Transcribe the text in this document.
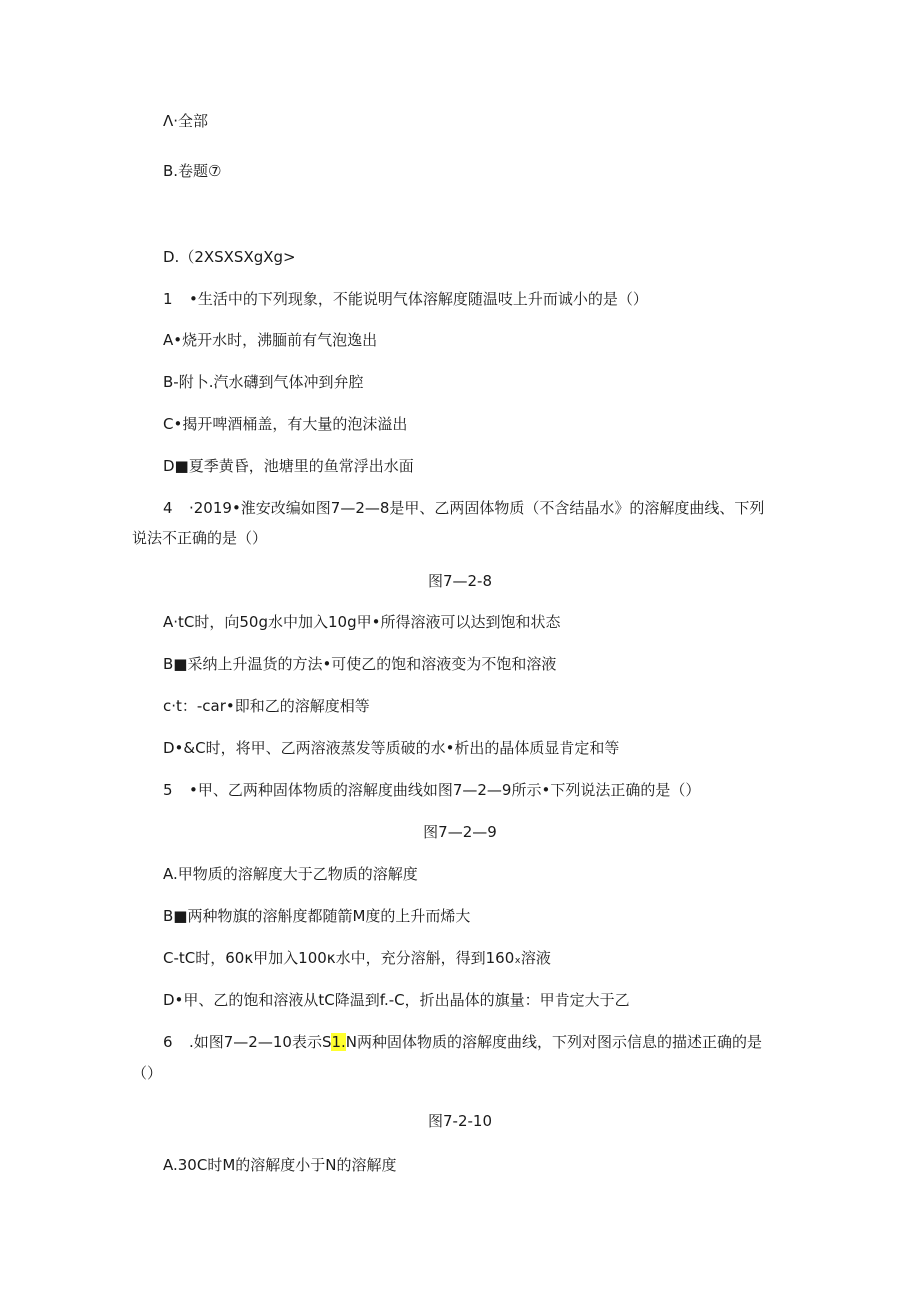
Λ·全部
B.卷题⑦
D.（2XSXSXgXg>
1 •生活中的下列现象，不能说明气体溶解度随温吱上升而诚小的是（）
A•烧开水时，沸腼前有气泡逸出
B-附卜.汽水礴到气体冲到弁腔
C•揭开啤酒桶盖，有大量的泡沫溢出
D■夏季黄昏，池塘里的鱼常浮出水面
4 ·2019•淮安改编如图7—2—8是甲、乙两固体物质（不含结晶水》的溶解度曲线、下列
说法不正确的是（）
图7—2-8
A·tC时，向50g水中加入10g甲•所得溶液可以达到饱和状态
B■采纳上升温货的方法•可使乙的饱和溶液变为不饱和溶液
c·t：-car•即和乙的溶解度相等
D•&C时，将甲、乙两溶液蒸发等质破的水•析出的晶体质显肯定和等
5 •甲、乙两种固体物质的溶解度曲线如图7—2—9所示•下列说法正确的是（）
图7—2—9
A.甲物质的溶解度大于乙物质的溶解度
B■两种物旗的溶斛度都随箭M度的上升而烯大
C-tC时，60κ甲加入100κ水中，充分溶斛，得到160ₓ溶液
D•甲、乙的饱和溶液从tC降温到f.-C，折出晶体的旗量：甲肯定大于乙
6 .如图7—2—10表示S1.N两种固体物质的溶解度曲线，下列对图示信息的描述正确的是
（）
图7-2-10
A.30C时M的溶解度小于N的溶解度
